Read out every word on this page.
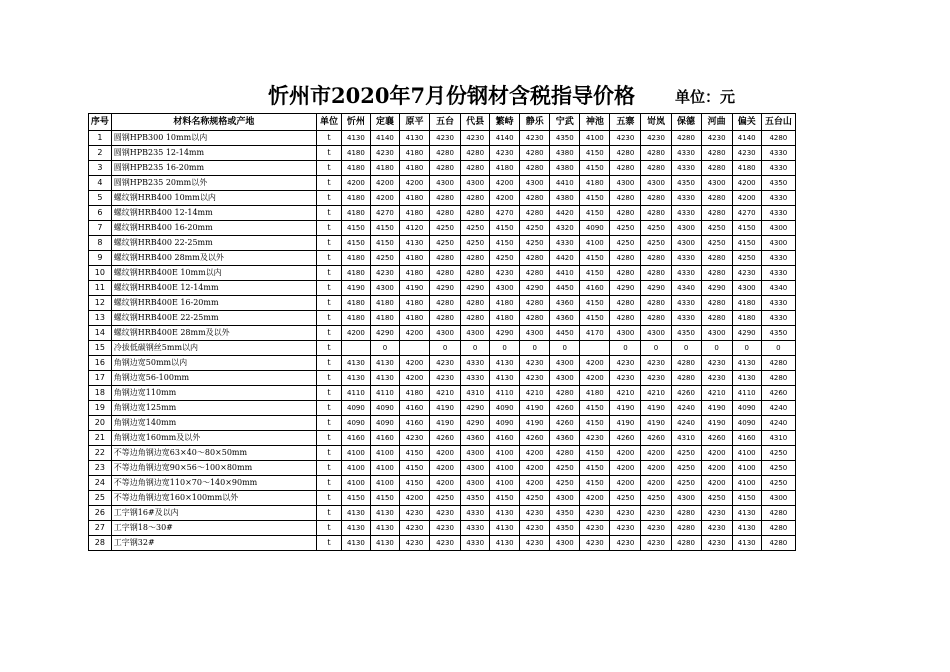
忻州市2020年7月份钢材含税指导价格	单位：元
序号	材料名称规格或产地	单位	忻州	定襄	原平	五台	代县	繁峙	静乐	宁武	神池	五寨	岢岚	保德	河曲	偏关	五台山
1	圆钢HPB300 10mm以内	t	4130	4140	4130	4230	4230	4140	4230	4350	4100	4230	4230	4280	4230	4140	4280
2	圆钢HPB235 12-14mm	t	4180	4230	4180	4280	4280	4230	4280	4380	4150	4280	4280	4330	4280	4230	4330
3	圆钢HPB235 16-20mm	t	4180	4180	4180	4280	4280	4180	4280	4380	4150	4280	4280	4330	4280	4180	4330
4	圆钢HPB235 20mm以外	t	4200	4200	4200	4300	4300	4200	4300	4410	4180	4300	4300	4350	4300	4200	4350
5	螺纹钢HRB400 10mm以内	t	4180	4200	4180	4280	4280	4200	4280	4380	4150	4280	4280	4330	4280	4200	4330
6	螺纹钢HRB400 12-14mm	t	4180	4270	4180	4280	4280	4270	4280	4420	4150	4280	4280	4330	4280	4270	4330
7	螺纹钢HRB400 16-20mm	t	4150	4150	4120	4250	4250	4150	4250	4320	4090	4250	4250	4300	4250	4150	4300
8	螺纹钢HRB400 22-25mm	t	4150	4150	4130	4250	4250	4150	4250	4330	4100	4250	4250	4300	4250	4150	4300
9	螺纹钢HRB400 28mm及以外	t	4180	4250	4180	4280	4280	4250	4280	4420	4150	4280	4280	4330	4280	4250	4330
10	螺纹钢HRB400E 10mm以内	t	4180	4230	4180	4280	4280	4230	4280	4410	4150	4280	4280	4330	4280	4230	4330
11	螺纹钢HRB400E 12-14mm	t	4190	4300	4190	4290	4290	4300	4290	4450	4160	4290	4290	4340	4290	4300	4340
12	螺纹钢HRB400E 16-20mm	t	4180	4180	4180	4280	4280	4180	4280	4360	4150	4280	4280	4330	4280	4180	4330
13	螺纹钢HRB400E 22-25mm	t	4180	4180	4180	4280	4280	4180	4280	4360	4150	4280	4280	4330	4280	4180	4330
14	螺纹钢HRB400E 28mm及以外	t	4200	4290	4200	4300	4300	4290	4300	4450	4170	4300	4300	4350	4300	4290	4350
15	冷拔低碳钢丝5mm以内	t		0		0	0	0	0	0		0	0	0	0	0	0
16	角钢边宽50mm以内	t	4130	4130	4200	4230	4330	4130	4230	4300	4200	4230	4230	4280	4230	4130	4280
17	角钢边宽56-100mm	t	4130	4130	4200	4230	4330	4130	4230	4300	4200	4230	4230	4280	4230	4130	4280
18	角钢边宽110mm	t	4110	4110	4180	4210	4310	4110	4210	4280	4180	4210	4210	4260	4210	4110	4260
19	角钢边宽125mm	t	4090	4090	4160	4190	4290	4090	4190	4260	4150	4190	4190	4240	4190	4090	4240
20	角钢边宽140mm	t	4090	4090	4160	4190	4290	4090	4190	4260	4150	4190	4190	4240	4190	4090	4240
21	角钢边宽160mm及以外	t	4160	4160	4230	4260	4360	4160	4260	4360	4230	4260	4260	4310	4260	4160	4310
22	不等边角钢边宽63×40～80×50mm	t	4100	4100	4150	4200	4300	4100	4200	4280	4150	4200	4200	4250	4200	4100	4250
23	不等边角钢边宽90×56～100×80mm	t	4100	4100	4150	4200	4300	4100	4200	4250	4150	4200	4200	4250	4200	4100	4250
24	不等边角钢边宽110×70～140×90mm	t	4100	4100	4150	4200	4300	4100	4200	4250	4150	4200	4200	4250	4200	4100	4250
25	不等边角钢边宽160×100mm以外	t	4150	4150	4200	4250	4350	4150	4250	4300	4200	4250	4250	4300	4250	4150	4300
26	工字钢16#及以内	t	4130	4130	4230	4230	4330	4130	4230	4350	4230	4230	4230	4280	4230	4130	4280
27	工字钢18～30#	t	4130	4130	4230	4230	4330	4130	4230	4350	4230	4230	4230	4280	4230	4130	4280
28	工字钢32#	t	4130	4130	4230	4230	4330	4130	4230	4300	4230	4230	4230	4280	4230	4130	4280
